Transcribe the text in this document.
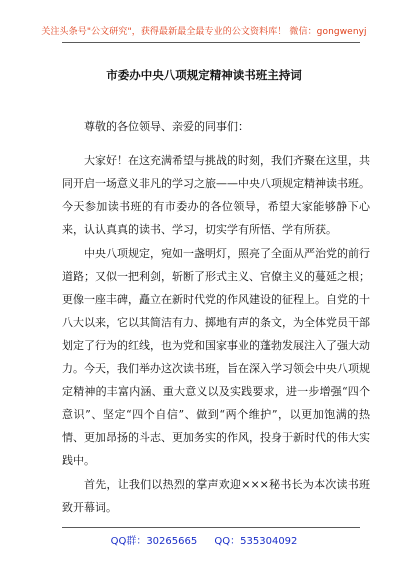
关注头条号"公文研究"，获得最新最全最专业的公文资料库！ 微信：gongwenyj
市委办中央八项规定精神读书班主持词

尊敬的各位领导、亲爱的同事们：

大家好！在这充满希望与挑战的时刻，我们齐聚在这里，共同开启一场意义非凡的学习之旅——中央八项规定精神读书班。今天参加读书班的有市委办的各位领导，希望大家能够静下心来，认认真真的读书、学习，切实学有所悟、学有所获。

中央八项规定，宛如一盏明灯，照亮了全面从严治党的前行道路；又似一把利剑，斩断了形式主义、官僚主义的蔓延之根；更像一座丰碑，矗立在新时代党的作风建设的征程上。自党的十八大以来，它以其简洁有力、掷地有声的条文，为全体党员干部划定了行为的红线，也为党和国家事业的蓬勃发展注入了强大动力。今天，我们举办这次读书班，旨在深入学习领会中央八项规定精神的丰富内涵、重大意义以及实践要求，进一步增强“四个意识”、坚定“四个自信”、做到“两个维护”，以更加饱满的热情、更加昂扬的斗志、更加务实的作风，投身于新时代的伟大实践中。

首先，让我们以热烈的掌声欢迎×××秘书长为本次读书班致开幕词。

QQ群：30265665 QQ：535304092
